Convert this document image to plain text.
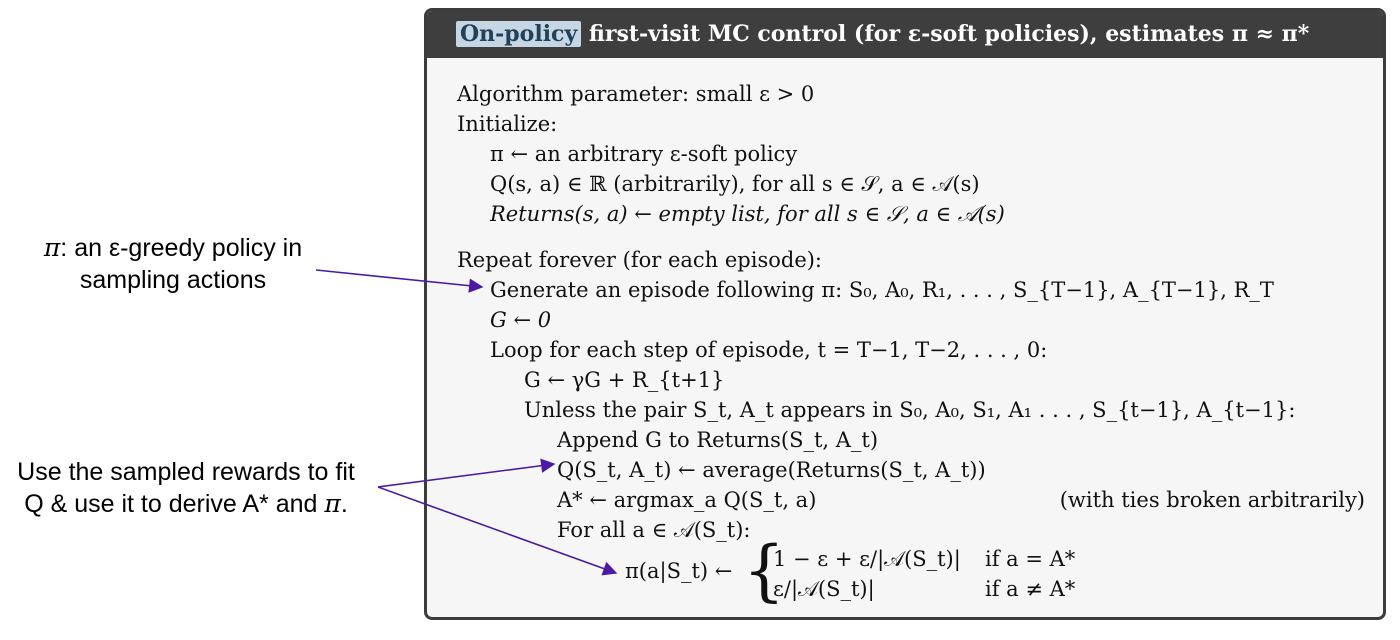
π: an ε-greedy policy in
sampling actions
Use the sampled rewards to fit
Q & use it to derive A* and π.
On-policy first-visit MC control (for ε-soft policies), estimates π ≈ π*
Algorithm parameter: small ε > 0
Initialize:
π ← an arbitrary ε-soft policy
Q(s, a) ∈ ℝ (arbitrarily), for all s ∈ 𝒮, a ∈ 𝒜(s)
Returns(s, a) ← empty list, for all s ∈ 𝒮, a ∈ 𝒜(s)
Repeat forever (for each episode):
Generate an episode following π: S₀, A₀, R₁, . . . , S_{T−1}, A_{T−1}, R_T
G ← 0
Loop for each step of episode, t = T−1, T−2, . . . , 0:
G ← γG + R_{t+1}
Unless the pair S_t, A_t appears in S₀, A₀, S₁, A₁ . . . , S_{t−1}, A_{t−1}:
Append G to Returns(S_t, A_t)
Q(S_t, A_t) ← average(Returns(S_t, A_t))
A* ← argmax_a Q(S_t, a)	(with ties broken arbitrarily)
For all a ∈ 𝒜(S_t):
π(a|S_t) ← {
1 − ε + ε/|𝒜(S_t)| if a = A*
ε/|𝒜(S_t)|	if a ≠ A*
